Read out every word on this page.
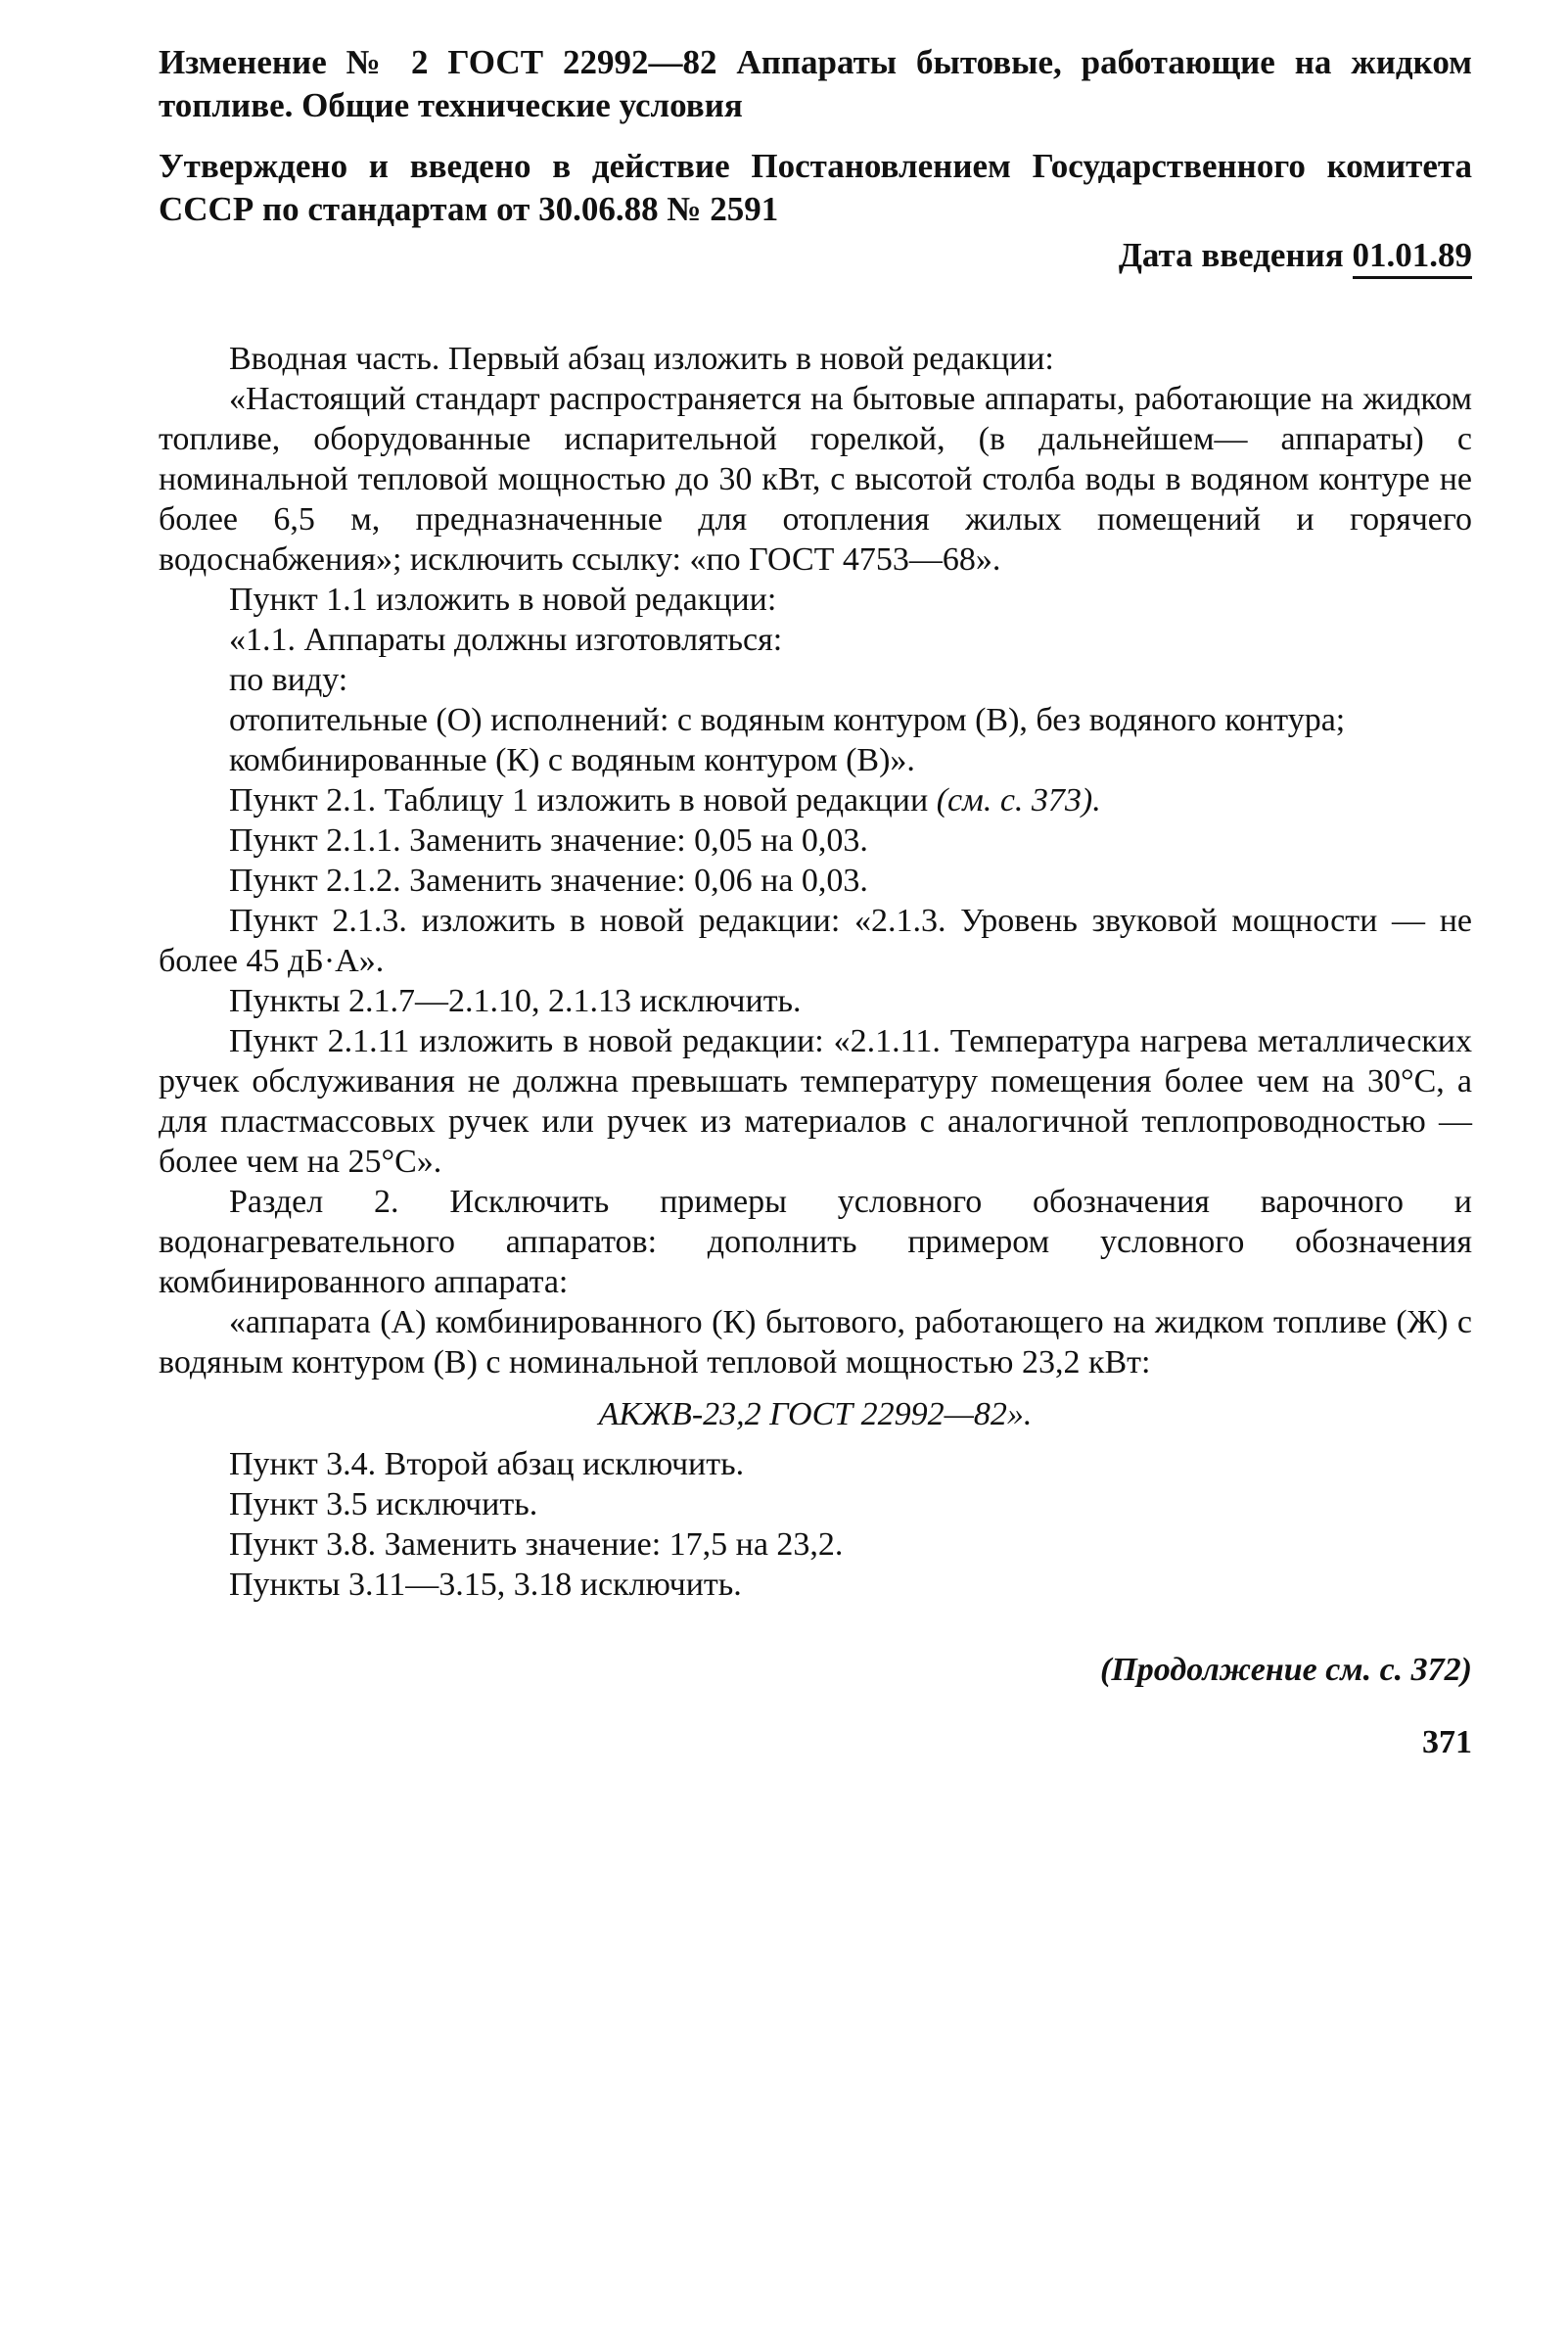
Изменение № 2 ГОСТ 22992—82 Аппараты бытовые, работающие на жидком топливе. Общие технические условия

Утверждено и введено в действие Постановлением Государственного комитета СССР по стандартам от 30.06.88 № 2591

Дата введения 01.01.89

Вводная часть. Первый абзац изложить в новой редакции:

«Настоящий стандарт распространяется на бытовые аппараты, работающие на жидком топливе, оборудованные испарительной горелкой, (в дальнейшем— аппараты) с номинальной тепловой мощностью до 30 кВт, с высотой столба воды в водяном контуре не более 6,5 м, предназначенные для отопления жилых помещений и горячего водоснабжения»; исключить ссылку: «по ГОСТ 4753—68».

Пункт 1.1 изложить в новой редакции:

«1.1. Аппараты должны изготовляться:

по виду:

отопительные (О) исполнений: с водяным контуром (В), без водяного контура;

комбинированные (К) с водяным контуром (В)».

Пункт 2.1. Таблицу 1 изложить в новой редакции (см. с. 373).

Пункт 2.1.1. Заменить значение: 0,05 на 0,03.

Пункт 2.1.2. Заменить значение: 0,06 на 0,03.

Пункт 2.1.3. изложить в новой редакции: «2.1.3. Уровень звуковой мощности — не более 45 дБ·А».

Пункты 2.1.7—2.1.10, 2.1.13 исключить.

Пункт 2.1.11 изложить в новой редакции: «2.1.11. Температура нагрева металлических ручек обслуживания не должна превышать температуру помещения более чем на 30°С, а для пластмассовых ручек или ручек из материалов с аналогичной теплопроводностью — более чем на 25°С».

Раздел 2. Исключить примеры условного обозначения варочного и водонагревательного аппаратов: дополнить примером условного обозначения комбинированного аппарата:

«аппарата (А) комбинированного (К) бытового, работающего на жидком топливе (Ж) с водяным контуром (В) с номинальной тепловой мощностью 23,2 кВт:

АКЖВ-23,2 ГОСТ 22992—82».

Пункт 3.4. Второй абзац исключить.

Пункт 3.5 исключить.

Пункт 3.8. Заменить значение: 17,5 на 23,2.

Пункты 3.11—3.15, 3.18 исключить.

(Продолжение см. с. 372)
371
